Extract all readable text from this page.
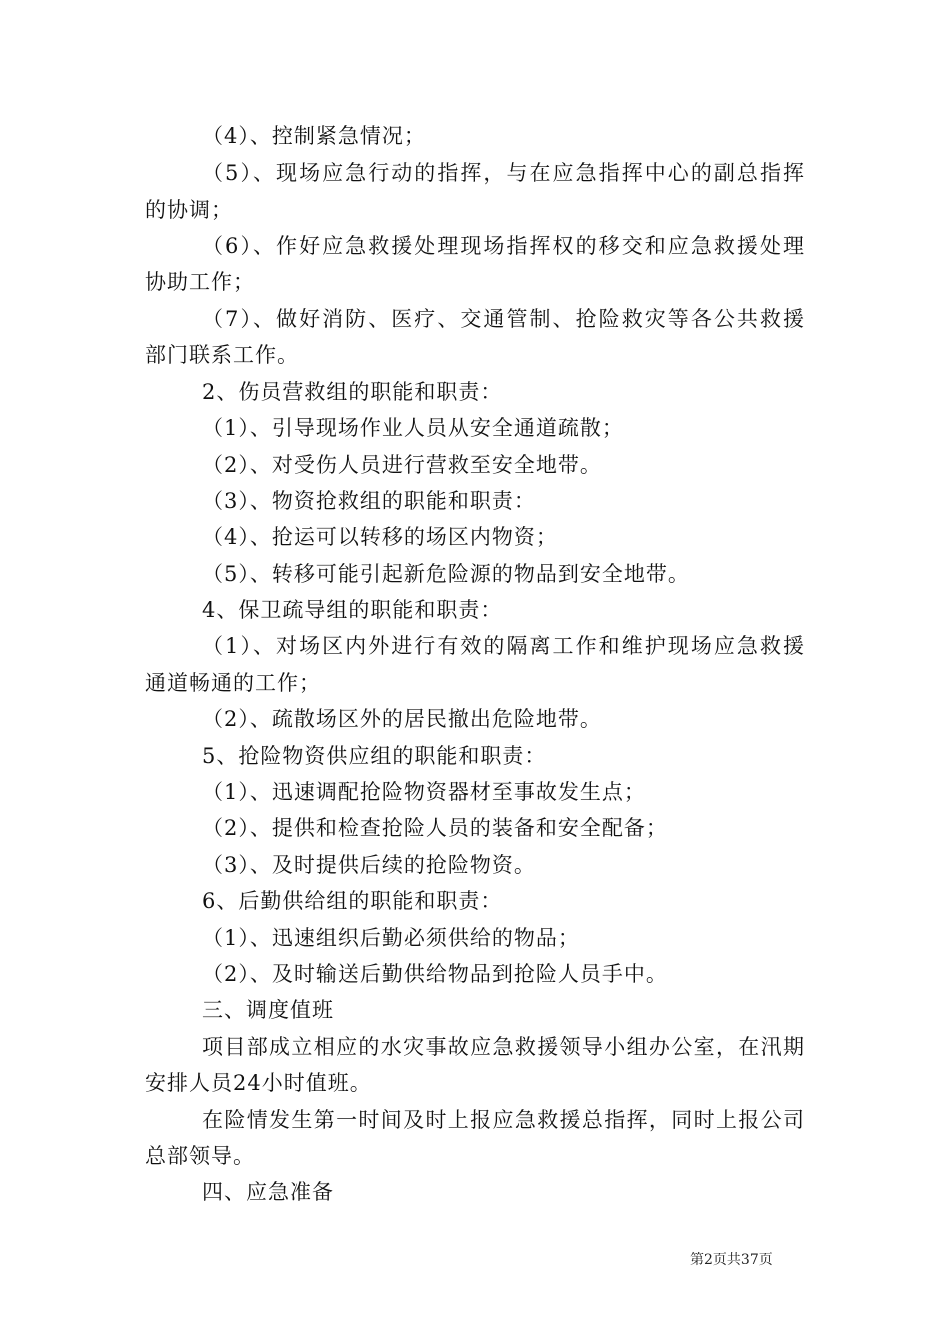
（4）、控制紧急情况；
（5）、现场应急行动的指挥，与在应急指挥中心的副总指挥
的协调；
（6）、作好应急救援处理现场指挥权的移交和应急救援处理
协助工作；
（7）、做好消防、医疗、交通管制、抢险救灾等各公共救援
部门联系工作。
2、伤员营救组的职能和职责：
（1）、引导现场作业人员从安全通道疏散；
（2）、对受伤人员进行营救至安全地带。
（3）、物资抢救组的职能和职责：
（4）、抢运可以转移的场区内物资；
（5）、转移可能引起新危险源的物品到安全地带。
4、保卫疏导组的职能和职责：
（1）、对场区内外进行有效的隔离工作和维护现场应急救援
通道畅通的工作；
（2）、疏散场区外的居民撤出危险地带。
5、抢险物资供应组的职能和职责：
（1）、迅速调配抢险物资器材至事故发生点；
（2）、提供和检查抢险人员的装备和安全配备；
（3）、及时提供后续的抢险物资。
6、后勤供给组的职能和职责：
（1）、迅速组织后勤必须供给的物品；
（2）、及时输送后勤供给物品到抢险人员手中。
三、调度值班
项目部成立相应的水灾事故应急救援领导小组办公室，在汛期
安排人员24小时值班。
在险情发生第一时间及时上报应急救援总指挥，同时上报公司
总部领导。
四、应急准备
第2页共37页
